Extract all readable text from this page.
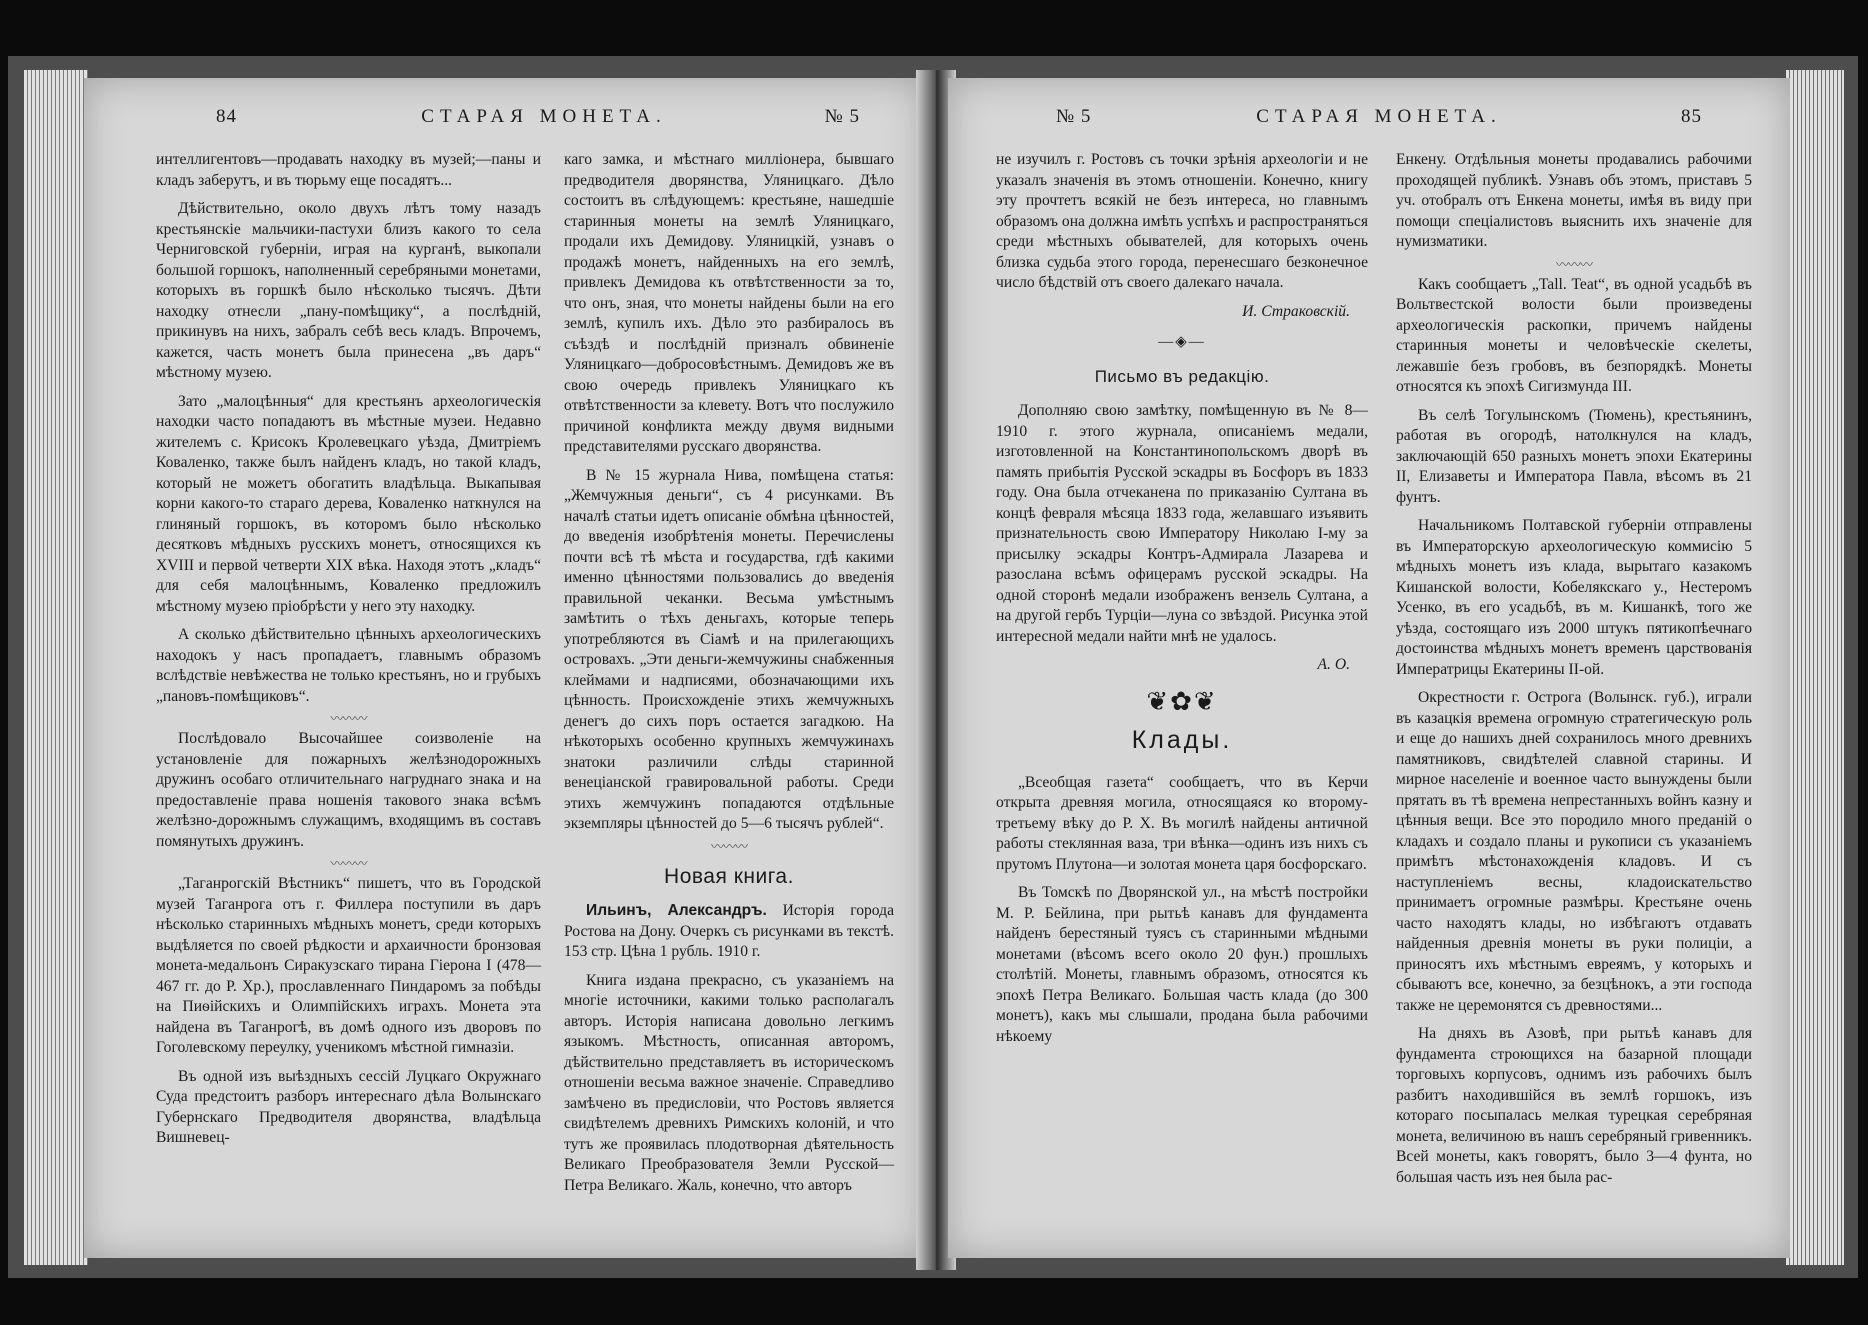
84	СТАРАЯ МОНЕТА.	№ 5

интеллигентовъ—продавать находку въ музей;—паны и кладъ заберутъ, и въ тюрьму еще посадятъ...

Дѣйствительно, около двухъ лѣтъ тому назадъ крестьянскіе мальчики-пастухи близъ какого то села Черниговской губерніи, играя на курганѣ, выкопали большой горшокъ, наполненный серебряными монетами, которыхъ въ горшкѣ было нѣсколько тысячъ. Дѣти находку отнесли „пану-помѣщику“, а послѣдній, прикинувъ на нихъ, забралъ себѣ весь кладъ. Впрочемъ, кажется, часть монетъ была принесена „въ даръ“ мѣстному музею.

Зато „малоцѣнныя“ для крестьянъ археологическія находки часто попадаютъ въ мѣстные музеи. Недавно жителемъ с. Крисокъ Кролевецкаго уѣзда, Дмитріемъ Коваленко, также былъ найденъ кладъ, но такой кладъ, который не можетъ обогатить владѣльца. Выкапывая корни какого-то стараго дерева, Коваленко наткнулся на глиняный горшокъ, въ которомъ было нѣсколько десятковъ мѣдныхъ русскихъ монетъ, относящихся къ XVIII и первой четверти XIX вѣка. Находя этотъ „кладъ“ для себя малоцѣннымъ, Коваленко предложилъ мѣстному музею пріобрѣсти у него эту находку.

А сколько дѣйствительно цѣнныхъ археологическихъ находокъ у насъ пропадаетъ, главнымъ образомъ вслѣдствіе невѣжества не только крестьянъ, но и грубыхъ „пановъ-помѣщиковъ“.

〰〰〰

Послѣдовало Высочайшее соизволеніе на установленіе для пожарныхъ желѣзнодорожныхъ дружинъ особаго отличительнаго нагруднаго знака и на предоставленіе права ношенія такового знака всѣмъ желѣзно-дорожнымъ служащимъ, входящимъ въ составъ помянутыхъ дружинъ.

〰〰〰

„Таганрогскій Вѣстникъ“ пишетъ, что въ Городской музей Таганрога отъ г. Филлера поступили въ даръ нѣсколько старинныхъ мѣдныхъ монетъ, среди которыхъ выдѣляется по своей рѣдкости и архаичности бронзовая монета-медальонъ Сиракузскаго тирана Гіерона I (478—467 гг. до Р. Хр.), прославленнаго Пиндаромъ за побѣды на Пиѳійскихъ и Олимпійскихъ играхъ. Монета эта найдена въ Таганрогѣ, въ домѣ одного изъ дворовъ по Гоголевскому переулку, ученикомъ мѣстной гимназіи.

Въ одной изъ выѣздныхъ сессій Луцкаго Окружнаго Суда предстоитъ разборъ интереснаго дѣла Волынскаго Губернскаго Предводителя дворянства, владѣльца Вишневец-

каго замка, и мѣстнаго милліонера, бывшаго предводителя дворянства, Уляницкаго. Дѣло состоитъ въ слѣдующемъ: крестьяне, нашедшіе старинныя монеты на землѣ Уляницкаго, продали ихъ Демидову. Уляницкій, узнавъ о продажѣ монетъ, найденныхъ на его землѣ, привлекъ Демидова къ отвѣтственности за то, что онъ, зная, что монеты найдены были на его землѣ, купилъ ихъ. Дѣло это разбиралось въ съѣздѣ и послѣдній призналъ обвиненіе Уляницкаго—добросовѣстнымъ. Демидовъ же въ свою очередь привлекъ Уляницкаго къ отвѣтственности за клевету. Вотъ что послужило причиной конфликта между двумя видными представителями русскаго дворянства.

В № 15 журнала Нива, помѣщена статья: „Жемчужныя деньги“, съ 4 рисунками. Въ началѣ статьи идетъ описаніе обмѣна цѣнностей, до введенія изобрѣтенія монеты. Перечислены почти всѣ тѣ мѣста и государства, гдѣ какими именно цѣнностями пользовались до введенія правильной чеканки. Весьма умѣстнымъ замѣтить о тѣхъ деньгахъ, которые теперь употребляются въ Сіамѣ и на прилегающихъ островахъ. „Эти деньги-жемчужины снабженныя клеймами и надписями, обозначающими ихъ цѣнность. Происхожденіе этихъ жемчужныхъ денегъ до сихъ поръ остается загадкою. На нѣкоторыхъ особенно крупныхъ жемчужинахъ знатоки различили слѣды старинной венеціанской гравировальной работы. Среди этихъ жемчужинъ попадаются отдѣльные экземпляры цѣнностей до 5—6 тысячъ рублей“.

〰〰〰
Новая книга.

Ильинъ, Александръ. Исторія города Ростова на Дону. Очеркъ съ рисунками въ текстѣ. 153 стр. Цѣна 1 рубль. 1910 г.

Книга издана прекрасно, съ указаніемъ на многіе источники, какими только располагалъ авторъ. Исторія написана довольно легкимъ языкомъ. Мѣстность, описанная авторомъ, дѣйствительно представляетъ въ историческомъ отношеніи весьма важное значеніе. Справедливо замѣчено въ предисловіи, что Ростовъ является свидѣтелемъ древнихъ Римскихъ колоній, и что тутъ же проявилась плодотворная дѣятельность Великаго Преобразователя Земли Русской—Петра Великаго. Жаль, конечно, что авторъ

№ 5	СТАРАЯ МОНЕТА.	85

не изучилъ г. Ростовъ съ точки зрѣнія археологіи и не указалъ значенія въ этомъ отношеніи. Конечно, книгу эту прочтетъ всякій не безъ интереса, но главнымъ образомъ она должна имѣть успѣхъ и распространяться среди мѣстныхъ обывателей, для которыхъ очень близка судьба этого города, перенесшаго безконечное число бѣдствій отъ своего далекаго начала.

И. Страковскій.
—◈—
Письмо въ редакцію.

Дополняю свою замѣтку, помѣщенную въ № 8—1910 г. этого журнала, описаніемъ медали, изготовленной на Константинопольскомъ дворѣ въ память прибытія Русской эскадры въ Босфоръ въ 1833 году. Она была отчеканена по приказанію Султана въ концѣ февраля мѣсяца 1833 года, желавшаго изъявить признательность свою Императору Николаю I-му за присылку эскадры Контръ-Адмирала Лазарева и разослана всѣмъ офицерамъ русской эскадры. На одной сторонѣ медали изображенъ вензель Султана, а на другой гербъ Турціи—луна со звѣздой. Рисунка этой интересной медали найти мнѣ не удалось.

А. О.
❦✿❦
Клады.

„Всеобщая газета“ сообщаетъ, что въ Керчи открыта древняя могила, относящаяся ко второму-третьему вѣку до Р. Х. Въ могилѣ найдены античной работы стеклянная ваза, три вѣнка—одинъ изъ нихъ съ прутомъ Плутона—и золотая монета царя босфорскаго.

Въ Томскѣ по Дворянской ул., на мѣстѣ постройки М. Р. Бейлина, при рытьѣ канавъ для фундамента найденъ берестяный туясъ съ старинными мѣдными монетами (вѣсомъ всего около 20 фун.) прошлыхъ столѣтій. Монеты, главнымъ образомъ, относятся къ эпохѣ Петра Великаго. Большая часть клада (до 300 монетъ), какъ мы слышали, продана была рабочими нѣкоему

Енкену. Отдѣльныя монеты продавались рабочими проходящей публикѣ. Узнавъ объ этомъ, приставъ 5 уч. отобралъ отъ Енкена монеты, имѣя въ виду при помощи спеціалистовъ выяснить ихъ значеніе для нумизматики.

〰〰〰

Какъ сообщаетъ „Tall. Teat“, въ одной усадьбѣ въ Вольтвестской волости были произведены археологическія раскопки, причемъ найдены старинныя монеты и человѣческіе скелеты, лежавшіе безъ гробовъ, въ безпорядкѣ. Монеты относятся къ эпохѣ Сигизмунда III.

Въ селѣ Тогулынскомъ (Тюмень), крестьянинъ, работая въ огородѣ, натолкнулся на кладъ, заключающій 650 разныхъ монетъ эпохи Екатерины II, Елизаветы и Императора Павла, вѣсомъ въ 21 фунтъ.

Начальникомъ Полтавской губерніи отправлены въ Императорскую археологическую коммисію 5 мѣдныхъ монетъ изъ клада, вырытаго казакомъ Кишанской волости, Кобелякскаго у., Нестеромъ Усенко, въ его усадьбѣ, въ м. Кишанкѣ, того же уѣзда, состоящаго изъ 2000 штукъ пятикопѣечнаго достоинства мѣдныхъ монетъ временъ царствованія Императрицы Екатерины II-ой.

Окрестности г. Острога (Волынск. губ.), играли въ казацкія времена огромную стратегическую роль и еще до нашихъ дней сохранилось много древнихъ памятниковъ, свидѣтелей славной старины. И мирное населеніе и военное часто вынуждены были прятать въ тѣ времена непрестанныхъ войнъ казну и цѣнныя вещи. Все это породило много преданій о кладахъ и создало планы и рукописи съ указаніемъ примѣтъ мѣстонахожденія кладовъ. И съ наступленіемъ весны, кладоискательство принимаетъ огромные размѣры. Крестьяне очень часто находятъ клады, но избѣгаютъ отдавать найденныя древнія монеты въ руки полиціи, а приносятъ ихъ мѣстнымъ евреямъ, у которыхъ и сбываютъ все, конечно, за безцѣнокъ, а эти господа также не церемонятся съ древностями...

На дняхъ въ Азовѣ, при рытьѣ канавъ для фундамента строющихся на базарной площади торговыхъ корпусовъ, однимъ изъ рабочихъ былъ разбитъ находившійся въ землѣ горшокъ, изъ котораго посыпалась мелкая турецкая серебряная монета, величиною въ нашъ серебряный гривенникъ. Всей монеты, какъ говорятъ, было 3—4 фунта, но большая часть изъ нея была рас-
